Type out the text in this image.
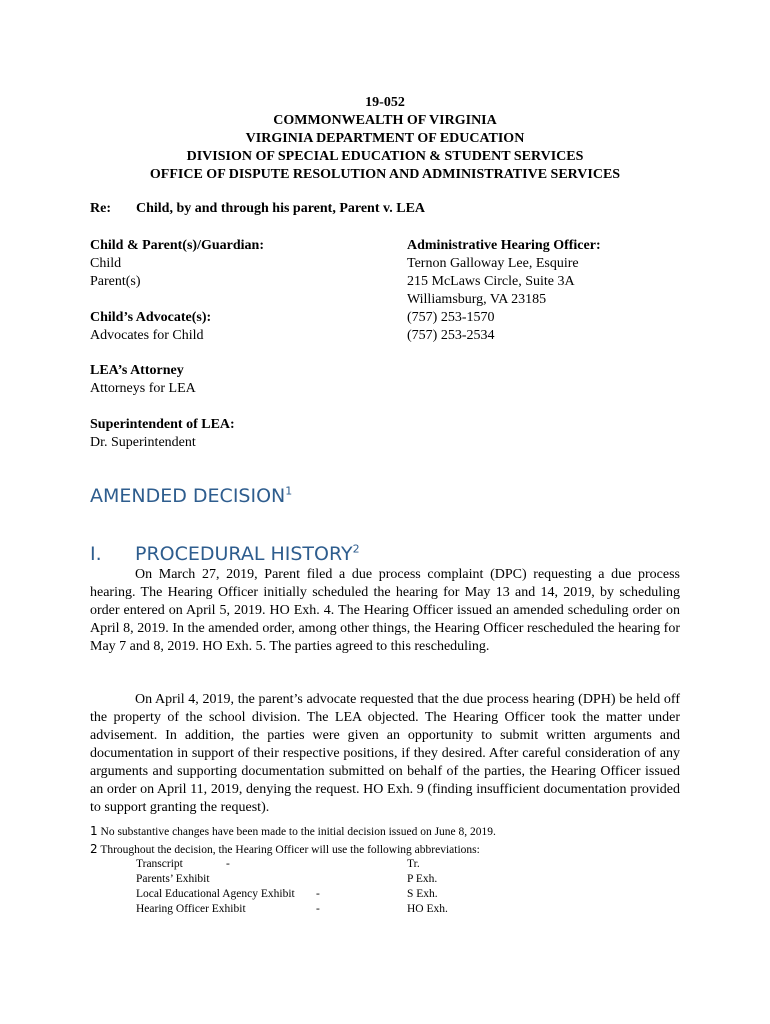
19-052
COMMONWEALTH OF VIRGINIA
VIRGINIA DEPARTMENT OF EDUCATION
DIVISION OF SPECIAL EDUCATION & STUDENT SERVICES
OFFICE OF DISPUTE RESOLUTION AND ADMINISTRATIVE SERVICES
Re: Child, by and through his parent, Parent v. LEA
Child & Parent(s)/Guardian:
Child
Parent(s)
Child’s Advocate(s):
Advocates for Child
LEA’s Attorney
Attorneys for LEA
Superintendent of LEA:
Dr. Superintendent
Administrative Hearing Officer:
Ternon Galloway Lee, Esquire
215 McLaws Circle, Suite 3A
Williamsburg, VA 23185
(757) 253-1570
(757) 253-2534
AMENDED DECISION$^1$
I. PROCEDURAL HISTORY$^2$

On March 27, 2019, Parent filed a due process complaint (DPC) requesting a due process hearing. The Hearing Officer initially scheduled the hearing for May 13 and 14, 2019, by scheduling order entered on April 5, 2019. HO Exh. 4. The Hearing Officer issued an amended scheduling order on April 8, 2019. In the amended order, among other things, the Hearing Officer rescheduled the hearing for May 7 and 8, 2019. HO Exh. 5. The parties agreed to this rescheduling.

On April 4, 2019, the parent’s advocate requested that the due process hearing (DPH) be held off the property of the school division. The LEA objected. The Hearing Officer took the matter under advisement. In addition, the parties were given an opportunity to submit written arguments and documentation in support of their respective positions, if they desired. After careful consideration of any arguments and supporting documentation submitted on behalf of the parties, the Hearing Officer issued an order on April 11, 2019, denying the request. HO Exh. 9 (finding insufficient documentation provided to support granting the request).

1 No substantive changes have been made to the initial decision issued on June 8, 2019.
2 Throughout the decision, the Hearing Officer will use the following abbreviations:
Transcript	-	Tr.
Parents’ Exhibit	P Exh.
Local Educational Agency Exhibit -	S Exh.
Hearing Officer Exhibit	-	HO Exh.
